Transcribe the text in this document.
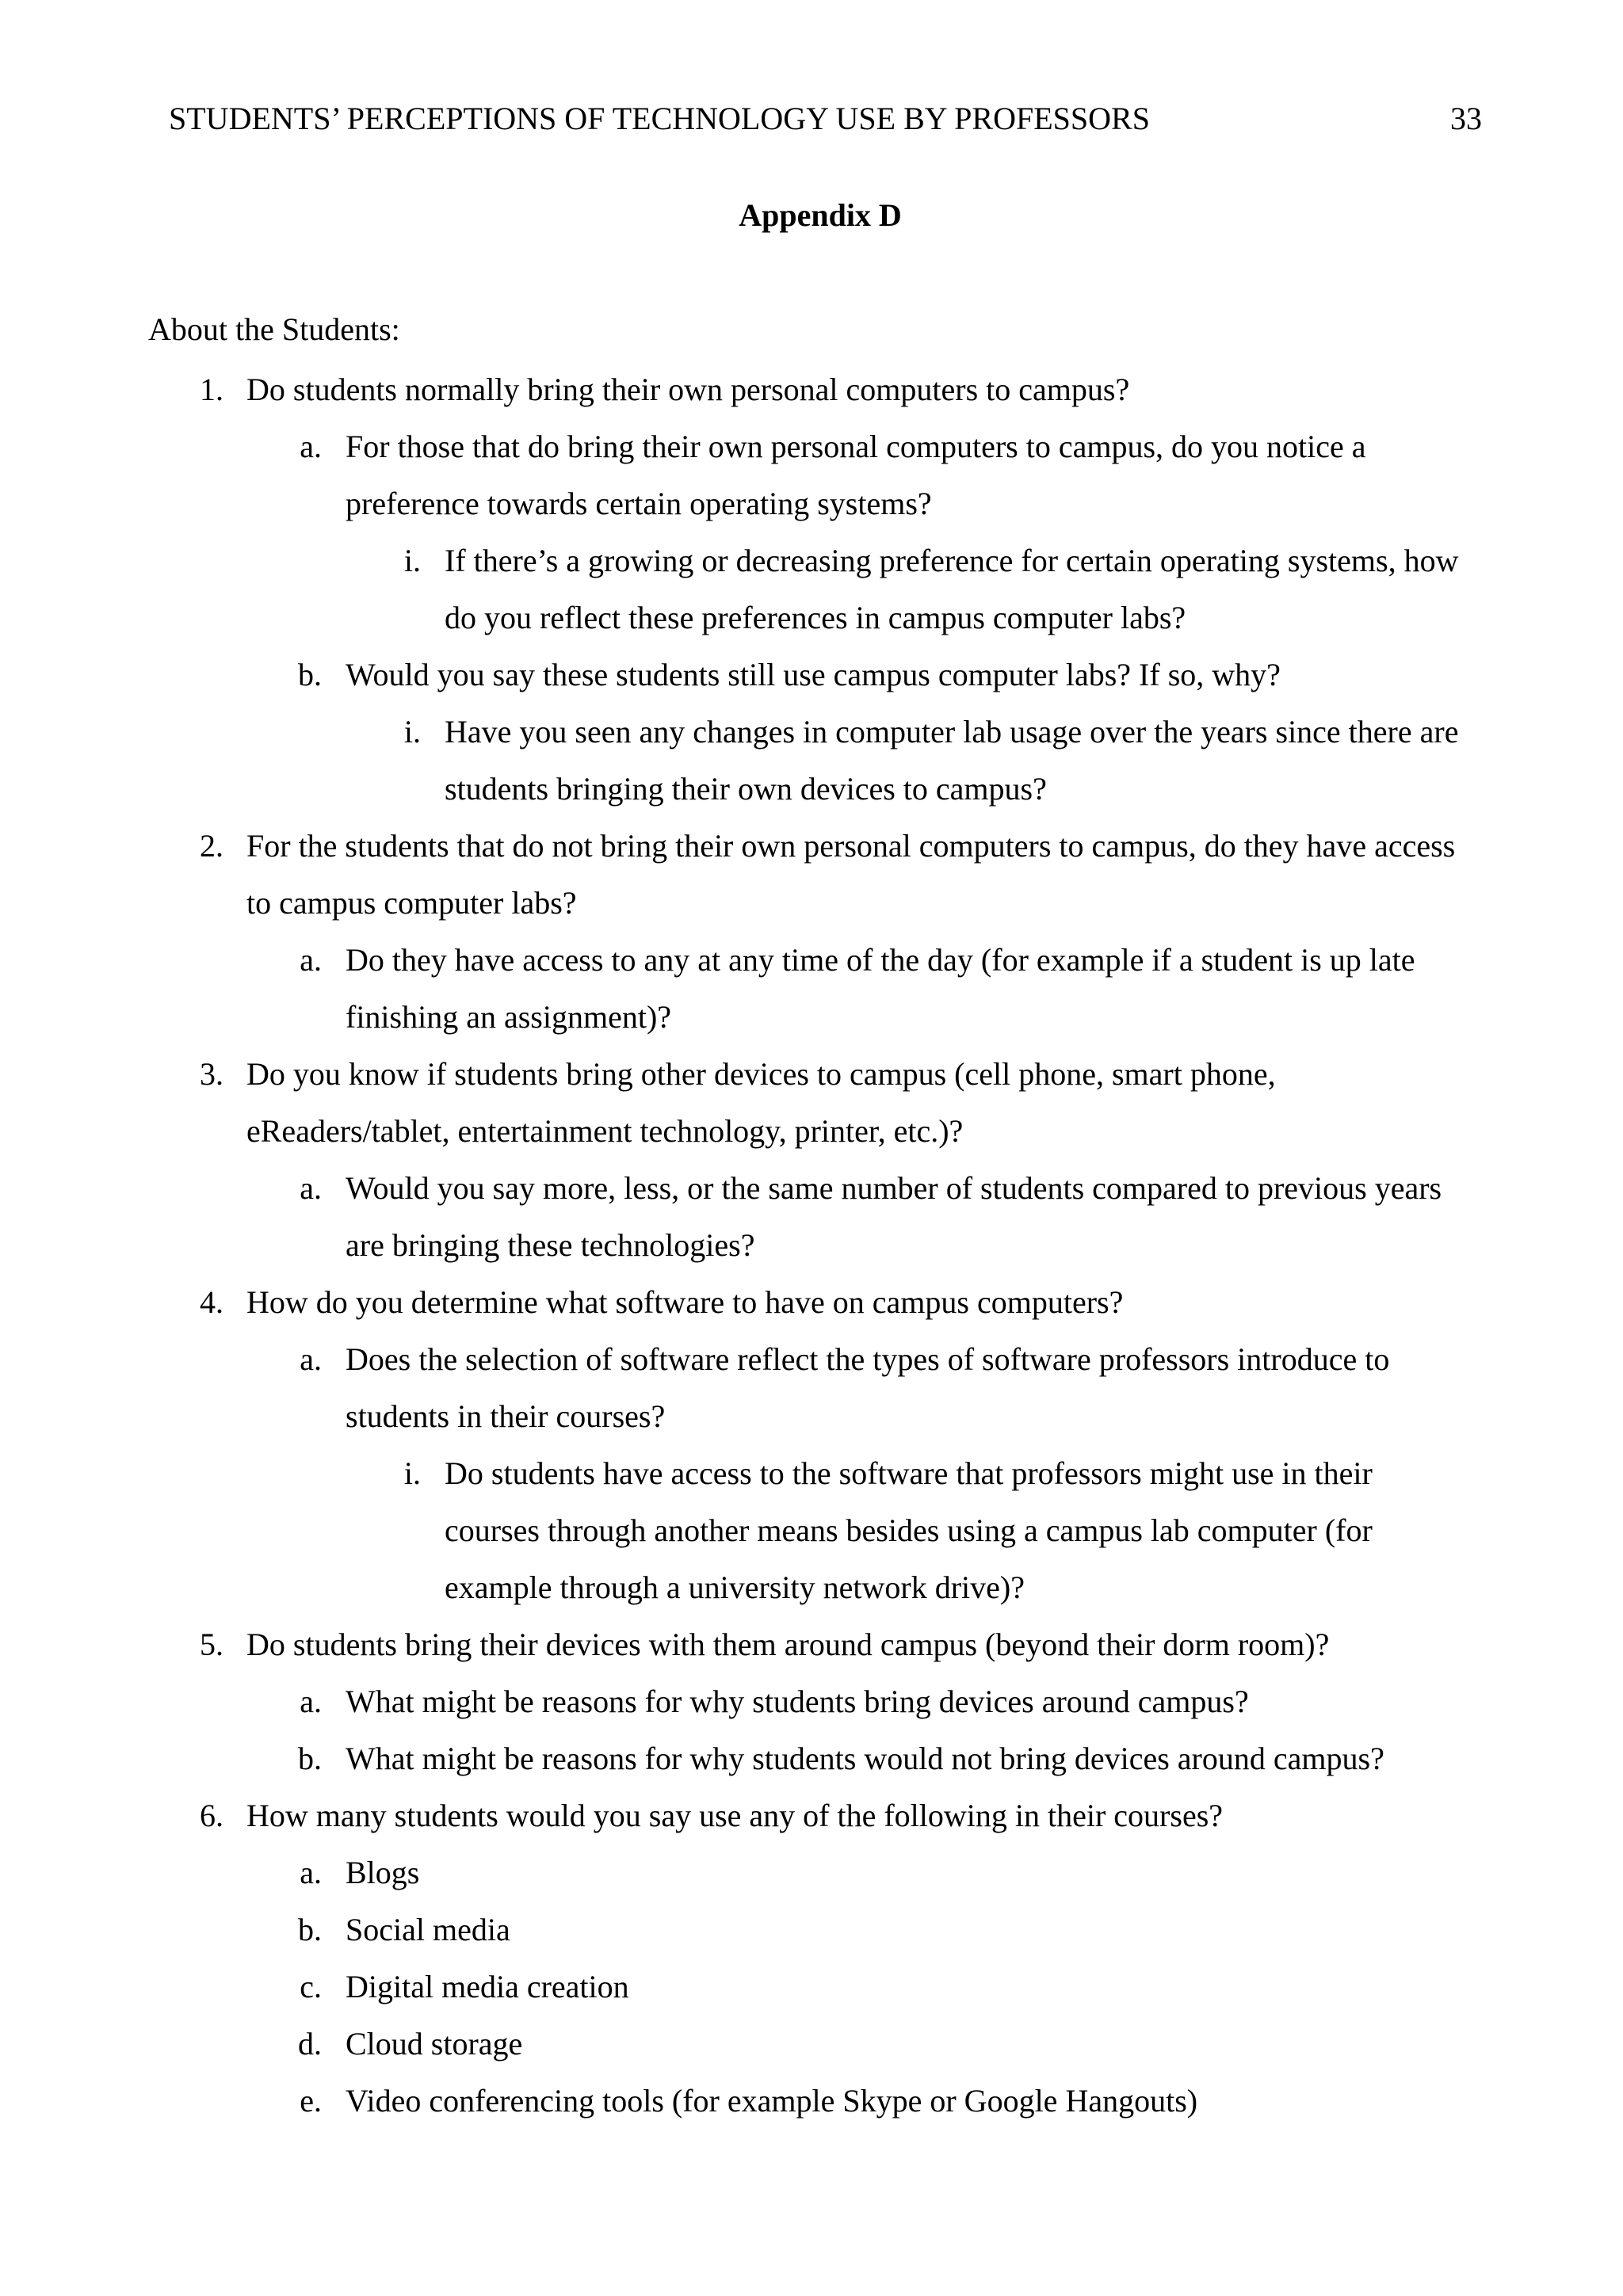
STUDENTS’ PERCEPTIONS OF TECHNOLOGY USE BY PROFESSORS	33
Appendix D
About the Students:
1. Do students normally bring their own personal computers to campus?
a. For those that do bring their own personal computers to campus, do you notice a preference towards certain operating systems?
i. If there’s a growing or decreasing preference for certain operating systems, how do you reflect these preferences in campus computer labs?
b. Would you say these students still use campus computer labs? If so, why?
i. Have you seen any changes in computer lab usage over the years since there are students bringing their own devices to campus?
2. For the students that do not bring their own personal computers to campus, do they have access to campus computer labs?
a. Do they have access to any at any time of the day (for example if a student is up late finishing an assignment)?
3. Do you know if students bring other devices to campus (cell phone, smart phone, eReaders/tablet, entertainment technology, printer, etc.)?
a. Would you say more, less, or the same number of students compared to previous years are bringing these technologies?
4. How do you determine what software to have on campus computers?
a. Does the selection of software reflect the types of software professors introduce to students in their courses?
i. Do students have access to the software that professors might use in their courses through another means besides using a campus lab computer (for example through a university network drive)?
5. Do students bring their devices with them around campus (beyond their dorm room)?
a. What might be reasons for why students bring devices around campus?
b. What might be reasons for why students would not bring devices around campus?
6. How many students would you say use any of the following in their courses?
a. Blogs
b. Social media
c. Digital media creation
d. Cloud storage
e. Video conferencing tools (for example Skype or Google Hangouts)
